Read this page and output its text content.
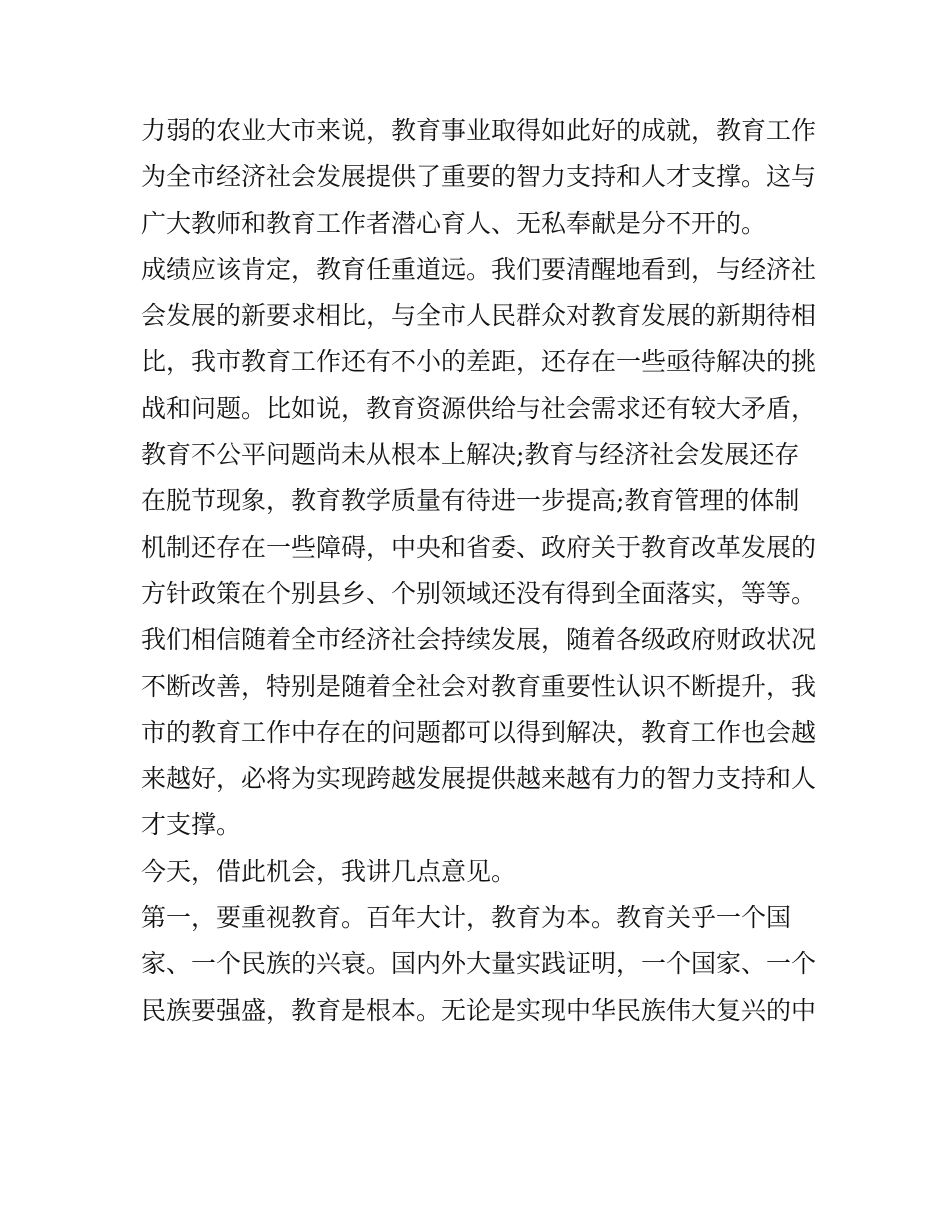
力弱的农业大市来说，教育事业取得如此好的成就，教育工作
为全市经济社会发展提供了重要的智力支持和人才支撑。这与
广大教师和教育工作者潜心育人、无私奉献是分不开的。
成绩应该肯定，教育任重道远。我们要清醒地看到，与经济社
会发展的新要求相比，与全市人民群众对教育发展的新期待相
比，我市教育工作还有不小的差距，还存在一些亟待解决的挑
战和问题。比如说，教育资源供给与社会需求还有较大矛盾，
教育不公平问题尚未从根本上解决;教育与经济社会发展还存
在脱节现象，教育教学质量有待进一步提高;教育管理的体制
机制还存在一些障碍，中央和省委、政府关于教育改革发展的
方针政策在个别县乡、个别领域还没有得到全面落实，等等。
我们相信随着全市经济社会持续发展，随着各级政府财政状况
不断改善，特别是随着全社会对教育重要性认识不断提升，我
市的教育工作中存在的问题都可以得到解决，教育工作也会越
来越好，必将为实现跨越发展提供越来越有力的智力支持和人
才支撑。
今天，借此机会，我讲几点意见。
第一，要重视教育。百年大计，教育为本。教育关乎一个国
家、一个民族的兴衰。国内外大量实践证明，一个国家、一个
民族要强盛，教育是根本。无论是实现中华民族伟大复兴的中
